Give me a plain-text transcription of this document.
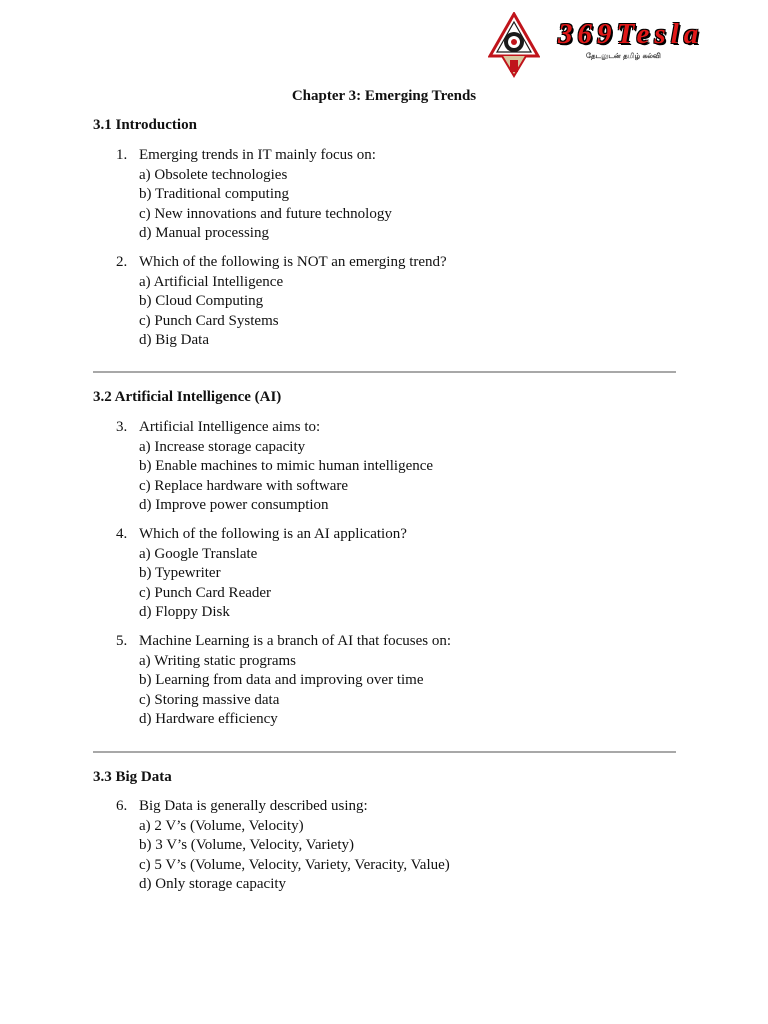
369Tesla
தேடலுடன் தமிழ் கல்வி
Chapter 3: Emerging Trends
3.1 Introduction
1. Emerging trends in IT mainly focus on:
a) Obsolete technologies
b) Traditional computing
c) New innovations and future technology
d) Manual processing
2. Which of the following is NOT an emerging trend?
a) Artificial Intelligence
b) Cloud Computing
c) Punch Card Systems
d) Big Data
3.2 Artificial Intelligence (AI)
3. Artificial Intelligence aims to:
a) Increase storage capacity
b) Enable machines to mimic human intelligence
c) Replace hardware with software
d) Improve power consumption
4. Which of the following is an AI application?
a) Google Translate
b) Typewriter
c) Punch Card Reader
d) Floppy Disk
5. Machine Learning is a branch of AI that focuses on:
a) Writing static programs
b) Learning from data and improving over time
c) Storing massive data
d) Hardware efficiency
3.3 Big Data
6. Big Data is generally described using:
a) 2 V’s (Volume, Velocity)
b) 3 V’s (Volume, Velocity, Variety)
c) 5 V’s (Volume, Velocity, Variety, Veracity, Value)
d) Only storage capacity
